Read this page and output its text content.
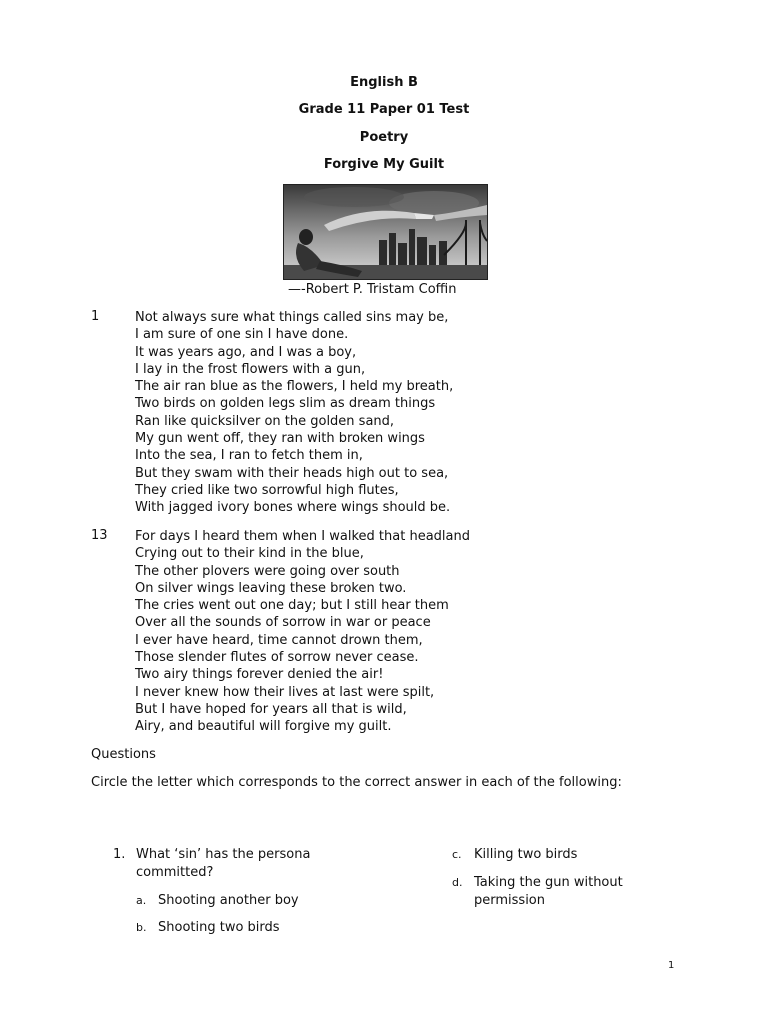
English B
Grade 11 Paper 01 Test
Poetry
Forgive My Guilt
—-Robert P. Tristam Coffin
1	Not always sure what things called sins may be,
I am sure of one sin I have done.
It was years ago, and I was a boy,
I lay in the frost flowers with a gun,
The air ran blue as the flowers, I held my breath,
Two birds on golden legs slim as dream things
Ran like quicksilver on the golden sand,
My gun went off, they ran with broken wings
Into the sea, I ran to fetch them in,
But they swam with their heads high out to sea,
They cried like two sorrowful high flutes,
With jagged ivory bones where wings should be.
13	For days I heard them when I walked that headland
Crying out to their kind in the blue,
The other plovers were going over south
On silver wings leaving these broken two.
The cries went out one day; but I still hear them
Over all the sounds of sorrow in war or peace
I ever have heard, time cannot drown them,
Those slender flutes of sorrow never cease.
Two airy things forever denied the air!
I never knew how their lives at last were spilt,
But I have hoped for years all that is wild,
Airy, and beautiful will forgive my guilt.
Questions
Circle the letter which corresponds to the correct answer in each of the following:
1. What ‘sin’ has the persona
committed?
a. Shooting another boy
b. Shooting two birds
c. Killing two birds
d. Taking the gun without
permission
1
